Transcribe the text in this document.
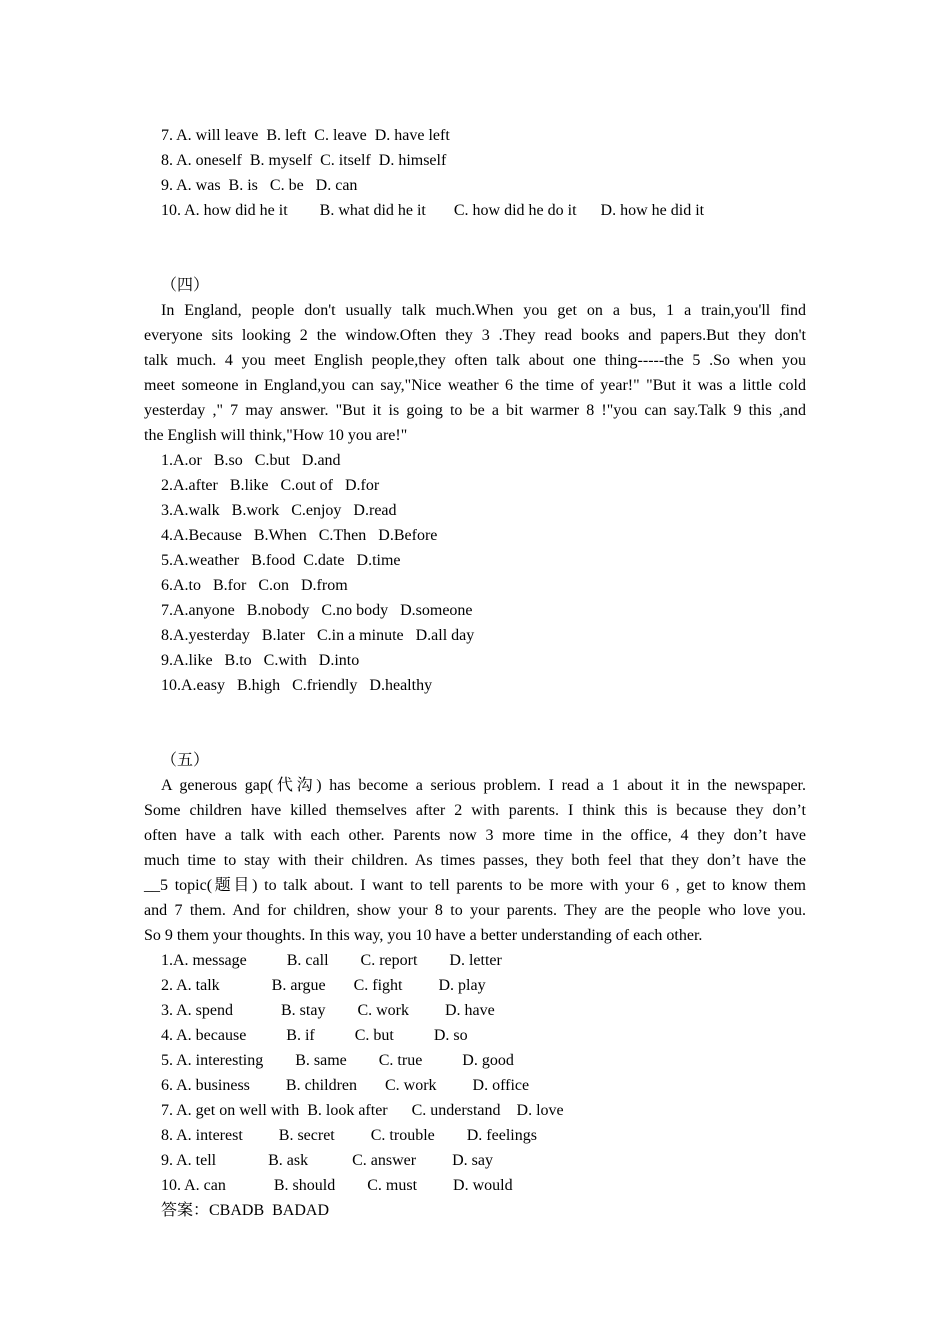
7. A. will leave  B. left  C. leave  D. have left
8. A. oneself  B. myself  C. itself  D. himself
9. A. was  B. is   C. be   D. can
10. A. how did he it        B. what did he it       C. how did he do it      D. how he did it
（四）
In England, people don't usually talk much.When you get on a bus, 1 a train,you'll find
everyone sits looking 2 the window.Often they 3 .They read books and papers.But they don't
talk much. 4 you meet English people,they often talk about one thing-----the 5 .So when you
meet someone in England,you can say,"Nice weather 6 the time of year!" "But it was a little cold
yesterday ," 7 may answer. "But it is going to be a bit warmer 8 !"you can say.Talk 9 this ,and
the English will think,"How 10 you are!"
1.A.or   B.so   C.but   D.and
2.A.after   B.like   C.out of   D.for
3.A.walk   B.work   C.enjoy   D.read
4.A.Because   B.When   C.Then   D.Before
5.A.weather   B.food  C.date   D.time
6.A.to   B.for   C.on   D.from
7.A.anyone   B.nobody   C.no body   D.someone
8.A.yesterday   B.later   C.in a minute   D.all day
9.A.like   B.to   C.with   D.into
10.A.easy   B.high   C.friendly   D.healthy
（五）
A generous gap(代沟) has become a serious problem. I read a 1 about it in the newspaper.
Some children have killed themselves after 2 with parents. I think this is because they don’t
often have a talk with each other. Parents now 3 more time in the office, 4 they don’t have
much time to stay with their children. As times passes, they both feel that they don’t have the
__5 topic(题目) to talk about. I want to tell parents to be more with your 6 , get to know them
and 7 them. And for children, show your 8 to your parents. They are the people who love you.
So 9 them your thoughts. In this way, you 10 have a better understanding of each other.
1.A. message          B. call        C. report        D. letter
2. A. talk             B. argue       C. fight         D. play
3. A. spend            B. stay        C. work         D. have
4. A. because          B. if          C. but          D. so
5. A. interesting        B. same        C. true          D. good
6. A. business         B. children       C. work         D. office
7. A. get on well with  B. look after      C. understand    D. love
8. A. interest         B. secret         C. trouble        D. feelings
9. A. tell             B. ask           C. answer         D. say
10. A. can            B. should        C. must         D. would
答案：CBADB  BADAD
